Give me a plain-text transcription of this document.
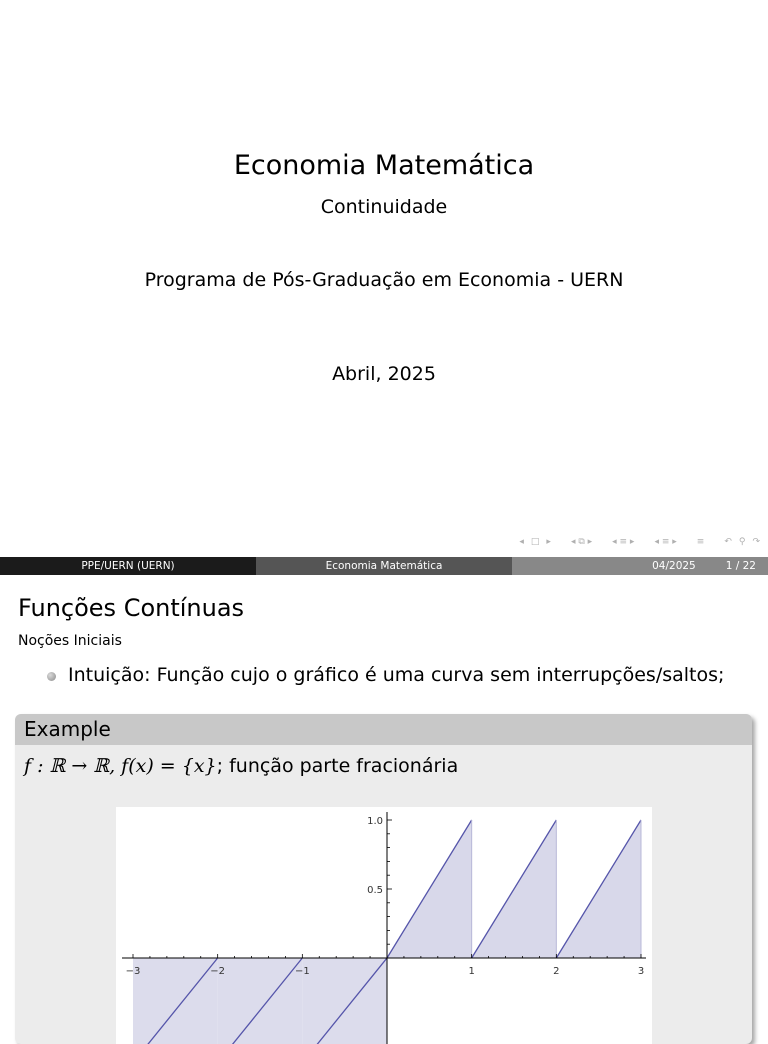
Economia Matemática
Continuidade
Programa de Pós-Graduação em Economia - UERN
Abril, 2025
◂ □ ▸ ◂ ⧉ ▸ ◂ ≡ ▸ ◂ ≡ ▸ ≡ ↶ ⚲ ↷
PPE/UERN (UERN)	Economia Matemática	04/2025	1 / 22
Funções Contínuas
Noções Iniciais
Intuição: Função cujo o gráfico é uma curva sem interrupções/saltos;
Example
f : ℝ → ℝ, f(x) = {x}; função parte fracionária
−3	−2	−1	1	2	3
1.0
0.5
